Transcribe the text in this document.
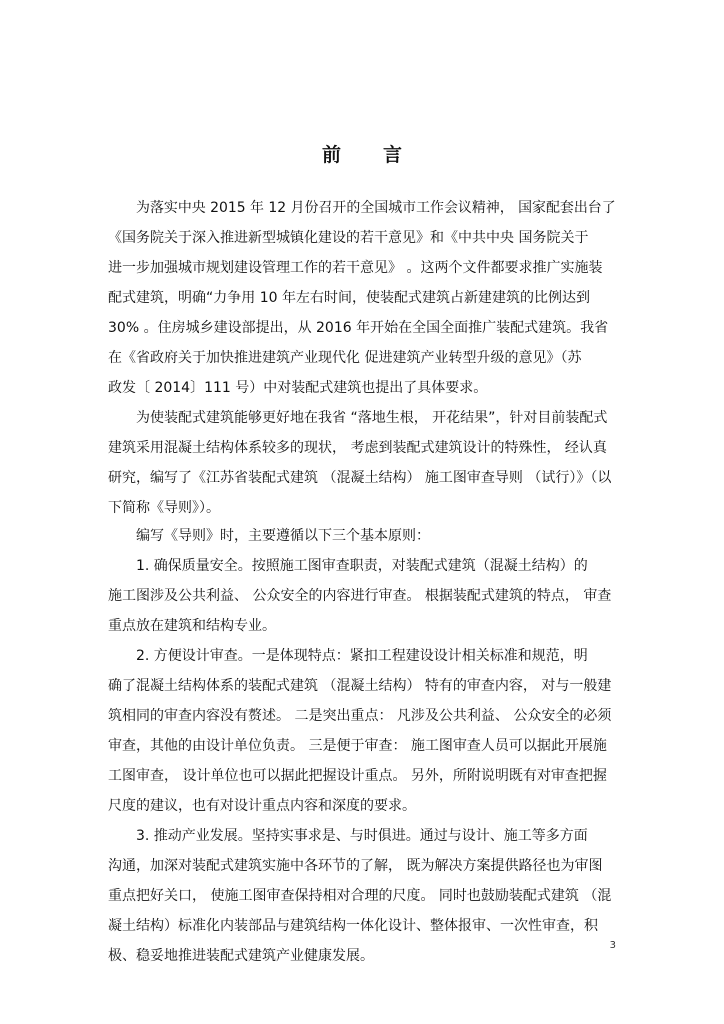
前 言
为落实中央 2015 年 12 月份召开的全国城市工作会议精神， 国家配套出台了
《国务院关于深入推进新型城镇化建设的若干意见》和《中共中央 国务院关于
进一步加强城市规划建设管理工作的若干意见》 。这两个文件都要求推广实施装
配式建筑，明确“力争用 10 年左右时间，使装配式建筑占新建建筑的比例达到
30% 。住房城乡建设部提出，从 2016 年开始在全国全面推广装配式建筑。我省
在《省政府关于加快推进建筑产业现代化 促进建筑产业转型升级的意见》（苏
政发〔 2014〕111 号）中对装配式建筑也提出了具体要求。
为使装配式建筑能够更好地在我省 “落地生根， 开花结果”，针对目前装配式
建筑采用混凝土结构体系较多的现状， 考虑到装配式建筑设计的特殊性， 经认真
研究，编写了《江苏省装配式建筑 （混凝土结构） 施工图审查导则 （试行）》（以
下简称《导则》）。
编写《导则》时，主要遵循以下三个基本原则：
1. 确保质量安全。按照施工图审查职责，对装配式建筑（混凝土结构）的
施工图涉及公共利益、 公众安全的内容进行审查。 根据装配式建筑的特点， 审查
重点放在建筑和结构专业。
2. 方便设计审查。一是体现特点：紧扣工程建设设计相关标准和规范，明
确了混凝土结构体系的装配式建筑 （混凝土结构） 特有的审查内容， 对与一般建
筑相同的审查内容没有赘述。 二是突出重点： 凡涉及公共利益、 公众安全的必须
审查，其他的由设计单位负责。 三是便于审查： 施工图审查人员可以据此开展施
工图审查， 设计单位也可以据此把握设计重点。 另外，所附说明既有对审查把握
尺度的建议，也有对设计重点内容和深度的要求。
3. 推动产业发展。坚持实事求是、与时俱进。通过与设计、施工等多方面
沟通，加深对装配式建筑实施中各环节的了解， 既为解决方案提供路径也为审图
重点把好关口， 使施工图审查保持相对合理的尺度。 同时也鼓励装配式建筑 （混
凝土结构）标准化内装部品与建筑结构一体化设计、整体报审、一次性审查，积
极、稳妥地推进装配式建筑产业健康发展。
3
